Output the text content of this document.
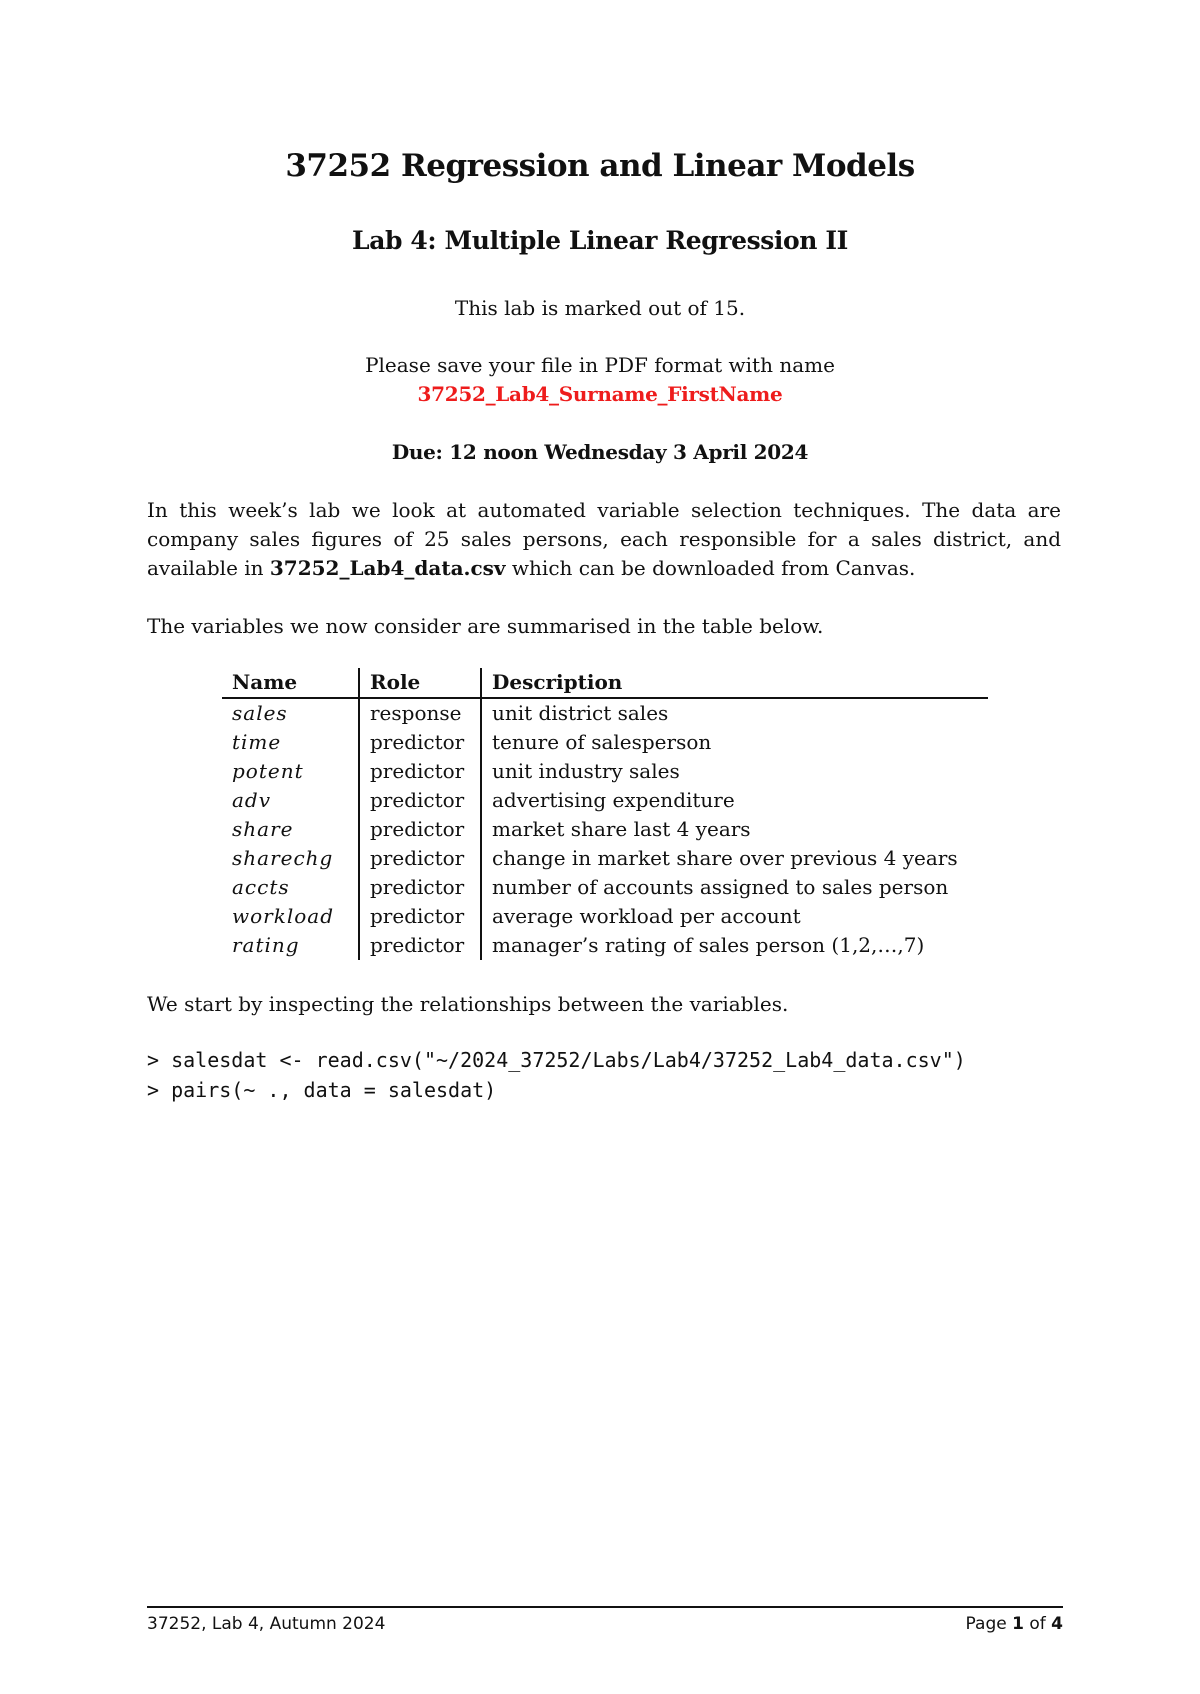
37252 Regression and Linear Models
Lab 4: Multiple Linear Regression II
This lab is marked out of 15.
Please save your file in PDF format with name
37252_Lab4_Surname_FirstName
Due: 12 noon Wednesday 3 April 2024
In this week’s lab we look at automated variable selection techniques. The data are
company sales figures of 25 sales persons, each responsible for a sales district, and
available in 37252_Lab4_data.csv which can be downloaded from Canvas.
The variables we now consider are summarised in the table below.
Name	Role	Description
sales	response	unit district sales
time	predictor	tenure of salesperson
potent	predictor	unit industry sales
adv	predictor	advertising expenditure
share	predictor	market share last 4 years
sharechg	predictor	change in market share over previous 4 years
accts	predictor	number of accounts assigned to sales person
workload	predictor	average workload per account
rating	predictor	manager’s rating of sales person (1,2,…,7)
We start by inspecting the relationships between the variables.
> salesdat <- read.csv("~/2024_37252/Labs/Lab4/37252_Lab4_data.csv")
> pairs(~ ., data = salesdat)
37252, Lab 4, Autumn 2024	Page 1 of 4
